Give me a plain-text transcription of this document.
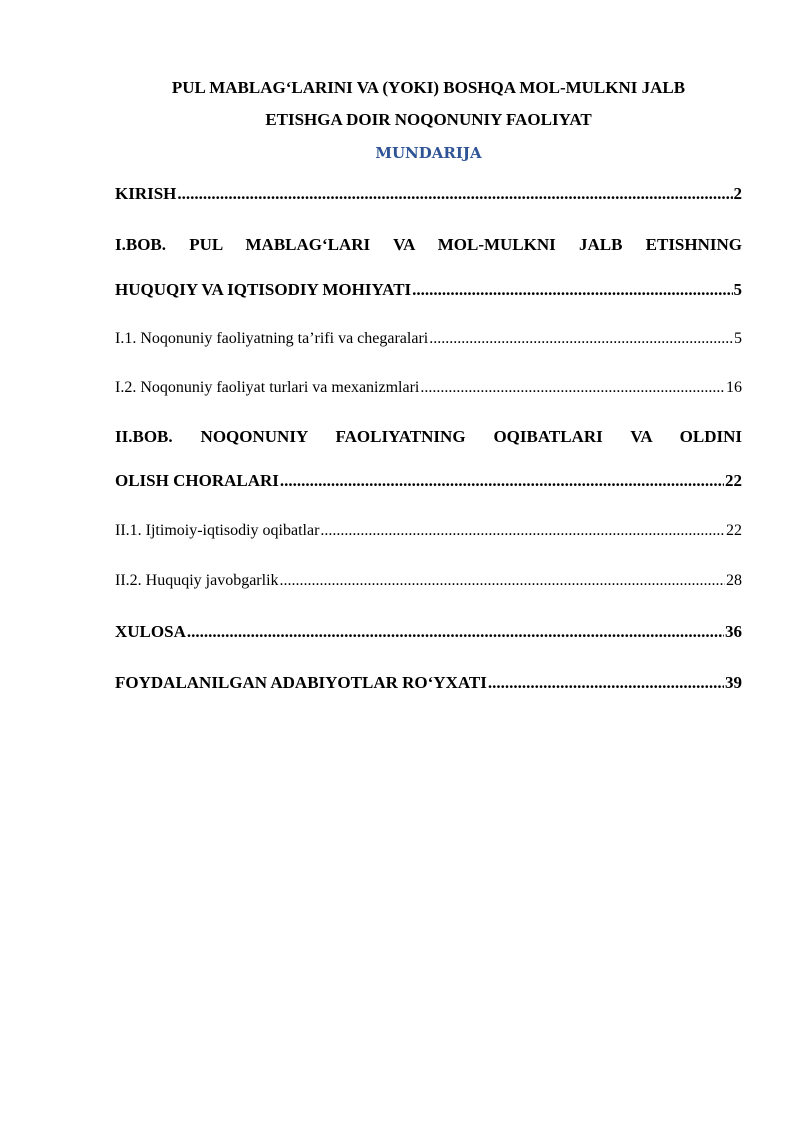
PUL MABLAG‘LARINI VA (YOKI) BOSHQA MOL-MULKNI JALB

ETISHGA DOIR NOQONUNIY FAOLIYAT

MUNDARIJA

KIRISH .....	2
I.BOB. PUL MABLAG‘LARI VA MOL-MULKNI JALB ETISHNING
HUQUQIY VA IQTISODIY MOHIYATI .....	5
I.1. Noqonuniy faoliyatning ta’rifi va chegaralari .....	5
I.2. Noqonuniy faoliyat turlari va mexanizmlari .....	16
II.BOB. NOQONUNIY FAOLIYATNING OQIBATLARI VA OLDINI
OLISH CHORALARI .....	22
II.1. Ijtimoiy-iqtisodiy oqibatlar .....	22
II.2. Huquqiy javobgarlik .....	28
XULOSA .....	36
FOYDALANILGAN ADABIYOTLAR RO‘YXATI .....	39
